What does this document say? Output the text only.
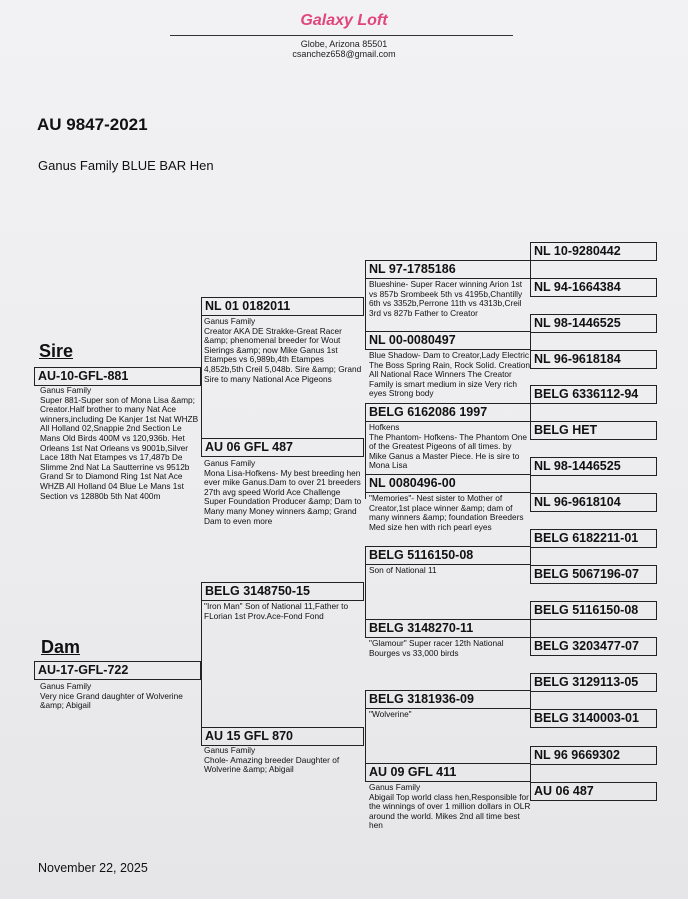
Galaxy Loft
Globe, Arizona 85501
csanchez658@gmail.com
AU 9847-2021
Ganus Family BLUE BAR Hen
Sire
AU-10-GFL-881
Ganus Family
Super 881-Super son of Mona Lisa &amp; Creator.Half brother to many Nat Ace winners,including De Kanjer 1st Nat WHZB All Holland 02,Snappie 2nd Section Le Mans Old Birds 400M vs 120,936b. Het Orleans 1st Nat Orleans vs 9001b,Silver Lace 18th Nat Etampes vs 17,487b De Slimme 2nd Nat La Sautterrine vs 9512b Grand Sr to Diamond Ring 1st Nat Ace WHZB All Holland 04 Blue Le Mans 1st Section vs 12880b 5th Nat 400m
Dam
AU-17-GFL-722
Ganus Family
Very nice Grand daughter of Wolverine &amp; Abigail
NL 01 0182011
Ganus Family
Creator AKA DE Strakke-Great Racer &amp; phenomenal breeder for Wout Sierings &amp; now Mike Ganus 1st Etampes vs 6,989b,4th Etampes 4,852b,5th Creil 5,048b. Sire &amp; Grand Sire to many National Ace Pigeons
AU 06 GFL 487
Ganus Family
Mona Lisa-Hofkens- My best breeding hen ever mike Ganus.Dam to over 21 breeders 27th avg speed World Ace Challenge Super Foundation Producer &amp; Dam to Many many Money winners &amp; Grand Dam to even more
BELG 3148750-15
"Iron Man" Son of National 11,Father to FLorian 1st Prov.Ace-Fond Fond
AU 15 GFL 870
Ganus Family
Chole- Amazing breeder Daughter of Wolverine &amp; Abigail
NL 97-1785186
Blueshine- Super Racer winning Arion 1st vs 857b Srombeek 5th vs 4195b,Chantilly 6th vs 3352b,Perrone 11th vs 4313b,Creil 3rd vs 827b Father to Creator
NL 00-0080497
Blue Shadow- Dam to Creator,Lady Electric The Boss Spring Rain, Rock Solid. Creation All National Race Winners The Creator Family is smart medium in size Very rich eyes Strong body
BELG 6162086 1997
Hofkens
The Phantom- Hofkens- The Phantom One of the Greatest Pigeons of all times. by Mike Ganus a Master Piece. He is sire to Mona Lisa
NL 0080496-00
"Memories"- Nest sister to Mother of Creator,1st place winner &amp; dam of many winners &amp; foundation Breeders Med size hen with rich pearl eyes
BELG 5116150-08
Son of National 11
BELG 3148270-11
"Glamour" Super racer 12th National Bourges vs 33,000 birds
BELG 3181936-09
"Wolverine"
AU 09 GFL 411
Ganus Family
Abigail Top world class hen,Responsible for the winnings of over 1 million dollars in OLR around the world. Mikes 2nd all time best hen
NL 10-9280442
NL 94-1664384
NL 98-1446525
NL 96-9618184
BELG 6336112-94
BELG HET
NL 98-1446525
NL 96-9618104
BELG 6182211-01
BELG 5067196-07
BELG 5116150-08
BELG 3203477-07
BELG 3129113-05
BELG 3140003-01
NL 96 9669302
AU 06 487
November 22, 2025
